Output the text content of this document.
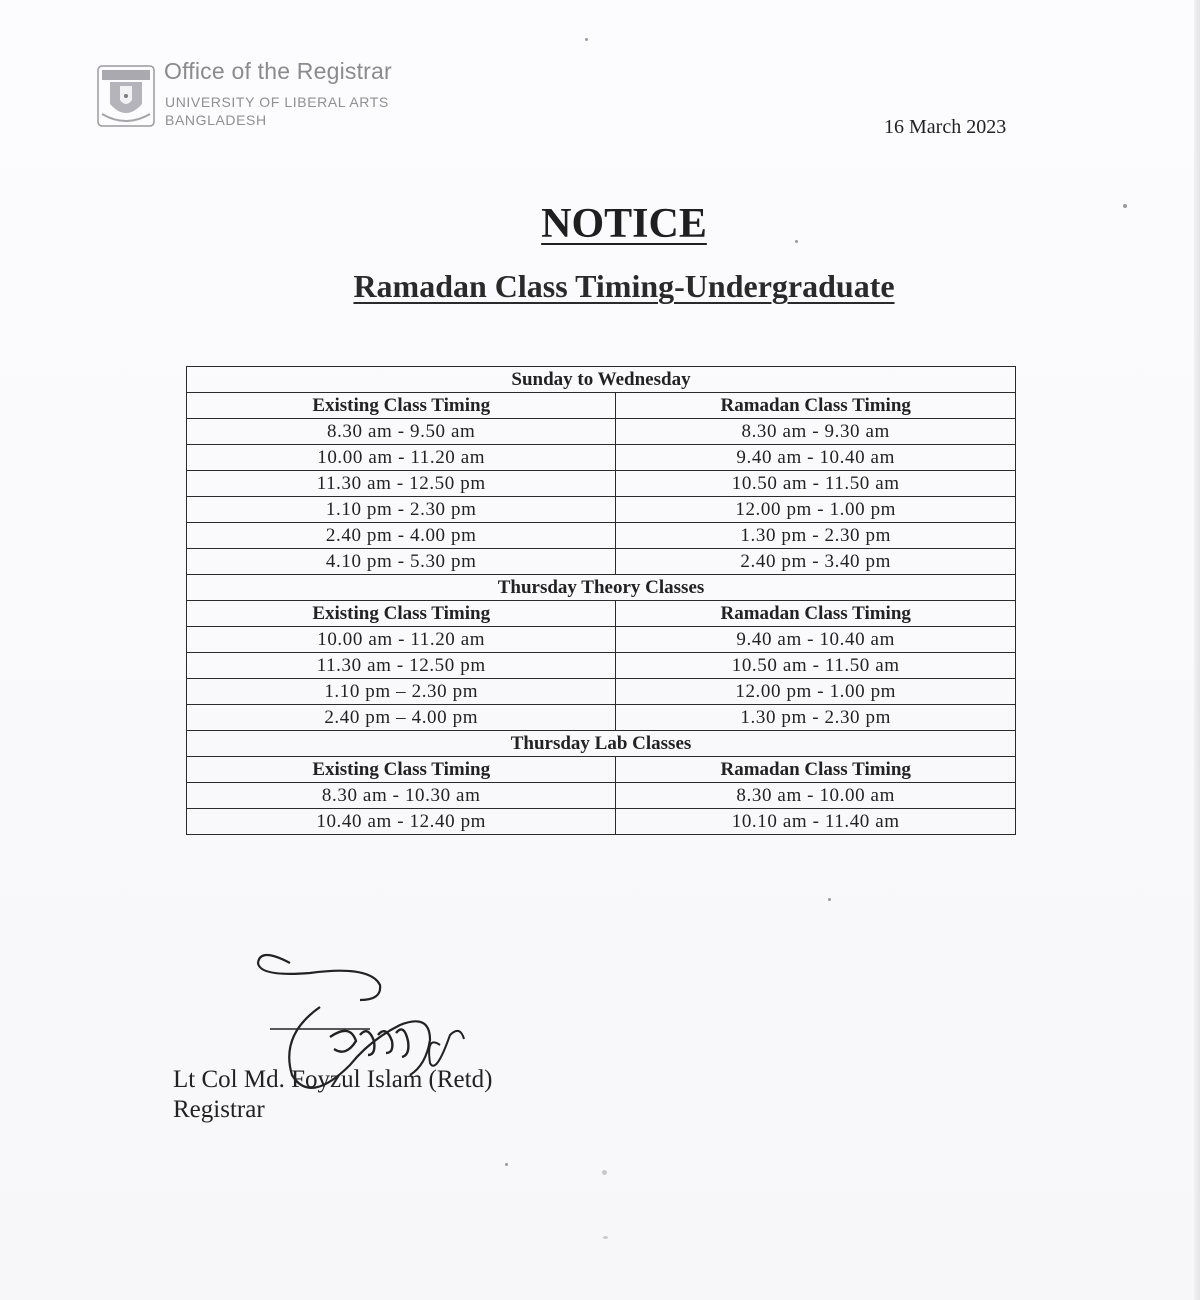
Office of the Registrar
UNIVERSITY OF LIBERAL ARTS
BANGLADESH	16 March 2023
NOTICE
Ramadan Class Timing-Undergraduate
Sunday to Wednesday	
Existing Class Timing	Ramadan Class Timing
8.30 am - 9.50 am	8.30 am - 9.30 am
10.00 am - 11.20 am	9.40 am - 10.40 am
11.30 am - 12.50 pm	10.50 am - 11.50 am
1.10 pm - 2.30 pm	12.00 pm - 1.00 pm
2.40 pm - 4.00 pm	1.30 pm - 2.30 pm
4.10 pm - 5.30 pm	2.40 pm - 3.40 pm
Thursday Theory Classes	
Existing Class Timing	Ramadan Class Timing
10.00 am - 11.20 am	9.40 am - 10.40 am
11.30 am - 12.50 pm	10.50 am - 11.50 am
1.10 pm – 2.30 pm	12.00 pm - 1.00 pm
2.40 pm – 4.00 pm	1.30 pm - 2.30 pm
Thursday Lab Classes	
Existing Class Timing	Ramadan Class Timing
8.30 am - 10.30 am	8.30 am - 10.00 am
10.40 am - 12.40 pm	10.10 am - 11.40 am
Lt Col Md. Foyzul Islam (Retd)
Registrar
